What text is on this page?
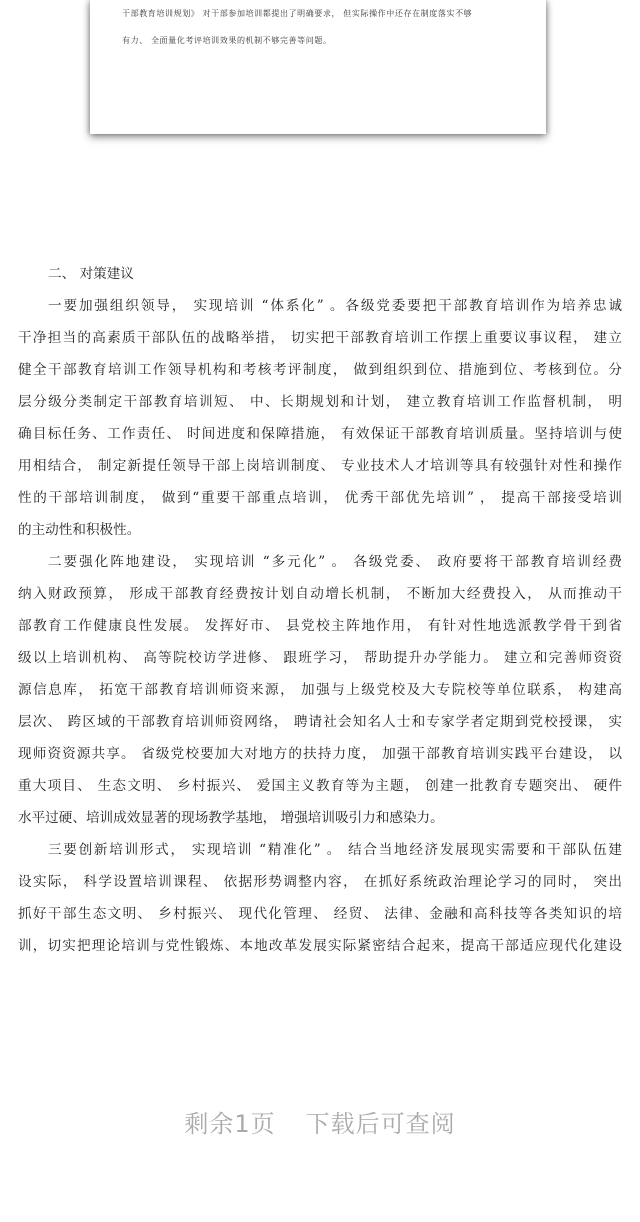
干部教育培训规划》 对干部参加培训都提出了明确要求， 但实际操作中还存在制度落实不够

有力、 全面量化考评培训效果的机制不够完善等问题。

二、 对策建议
一要加强组织领导， 实现培训 “体系化” 。各级党委要把干部教育培训作为培养忠诚
干净担当的高素质干部队伍的战略举措， 切实把干部教育培训工作摆上重要议事议程， 建立
健全干部教育培训工作领导机构和考核考评制度， 做到组织到位、措施到位、考核到位。分
层分级分类制定干部教育培训短、 中、长期规划和计划， 建立教育培训工作监督机制， 明
确目标任务、工作责任、 时间进度和保障措施， 有效保证干部教育培训质量。坚持培训与使
用相结合， 制定新提任领导干部上岗培训制度、 专业技术人才培训等具有较强针对性和操作
性的干部培训制度， 做到“重要干部重点培训， 优秀干部优先培训” ， 提高干部接受培训
的主动性和积极性。
二要强化阵地建设， 实现培训 “多元化” 。 各级党委、 政府要将干部教育培训经费
纳入财政预算， 形成干部教育经费按计划自动增长机制， 不断加大经费投入， 从而推动干
部教育工作健康良性发展。 发挥好市、 县党校主阵地作用， 有针对性地选派教学骨干到省
级以上培训机构、 高等院校访学进修、 跟班学习， 帮助提升办学能力。 建立和完善师资资
源信息库， 拓宽干部教育培训师资来源， 加强与上级党校及大专院校等单位联系， 构建高
层次、 跨区域的干部教育培训师资网络， 聘请社会知名人士和专家学者定期到党校授课， 实
现师资资源共享。 省级党校要加大对地方的扶持力度， 加强干部教育培训实践平台建设， 以
重大项目、 生态文明、 乡村振兴、 爱国主义教育等为主题， 创建一批教育专题突出、 硬件
水平过硬、培训成效显著的现场教学基地， 增强培训吸引力和感染力。
三要创新培训形式， 实现培训 “精准化” 。 结合当地经济发展现实需要和干部队伍建
设实际， 科学设置培训课程、 依据形势调整内容， 在抓好系统政治理论学习的同时， 突出
抓好干部生态文明、 乡村振兴、 现代化管理、 经贸、 法律、金融和高科技等各类知识的培
训，切实把理论培训与党性锻炼、本地改革发展实际紧密结合起来，提高干部适应现代化建设
剩余1页 下载后可查阅
